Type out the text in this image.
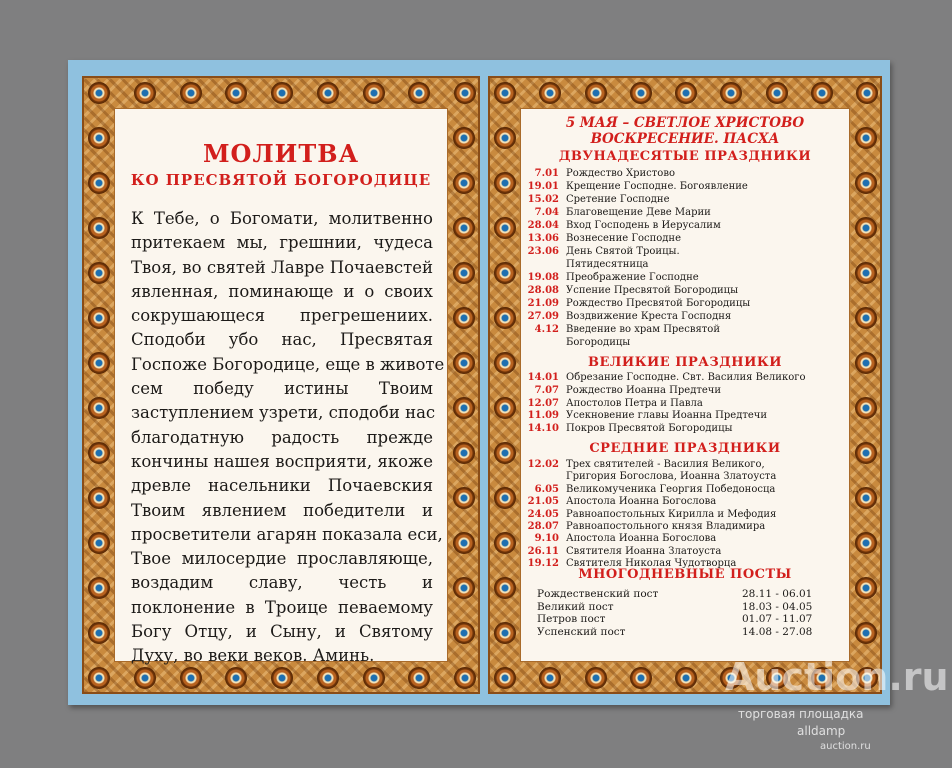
МОЛИТВА
КО ПРЕСВЯТОЙ БОГОРОДИЦЕ
К Тебе, о Богомати, молитвенно
притекаем мы, грешнии, чудеса
Твоя, во святей Лавре Почаевстей
явленная, поминающе и о своих
сокрушающеся прегрешениих.
Сподоби убо нас, Пресвятая
Госпоже Богородице, еще в животе
сем победу истины Твоим
заступлением узрети, сподоби нас
благодатную радость прежде
кончины нашея восприяти, якоже
древле насельники Почаевския
Твоим явлением победители и
просветители агарян показала еси,
Твое милосердие прославляюще,
воздадим славу, честь и
поклонение в Троице певаемому
Богу Отцу, и Сыну, и Святому
Духу, во веки веков. Аминь.
5 МАЯ – СВЕТЛОЕ ХРИСТОВО
ВОСКРЕСЕНИЕ. ПАСХА
ДВУНАДЕСЯТЫЕ ПРАЗДНИКИ
ВЕЛИКИЕ ПРАЗДНИКИ
СРЕДНИЕ ПРАЗДНИКИ
МНОГОДНЕВНЫЕ ПОСТЫ
7.01 Рождество Христово
19.01 Крещение Господне. Богоявление
15.02 Сретение Господне
7.04 Благовещение Деве Марии
28.04 Вход Господень в Иерусалим
13.06 Вознесение Господне
23.06 День Святой Троицы.
Пятидесятница
19.08 Преображение Господне
28.08 Успение Пресвятой Богородицы
21.09 Рождество Пресвятой Богородицы
27.09 Воздвижение Креста Господня
4.12 Введение во храм Пресвятой
Богородицы
14.01 Обрезание Господне. Свт. Василия Великого
7.07 Рождество Иоанна Предтечи
12.07 Апостолов Петра и Павла
11.09 Усекновение главы Иоанна Предтечи
14.10 Покров Пресвятой Богородицы
12.02 Трех святителей - Василия Великого,
Григория Богослова, Иоанна Златоуста
6.05 Великомученика Георгия Победоносца
21.05 Апостола Иоанна Богослова
24.05 Равноапостольных Кирилла и Мефодия
28.07 Равноапостольного князя Владимира
9.10 Апостола Иоанна Богослова
26.11 Святителя Иоанна Златоуста
19.12 Святителя Николая Чудотворца
Рождественский пост	28.11 - 06.01
Великий пост	18.03 - 04.05
Петров пост	01.07 - 11.07
Успенский пост	14.08 - 27.08
Auction.ru
торговая площадка
alldamp
auction.ru
